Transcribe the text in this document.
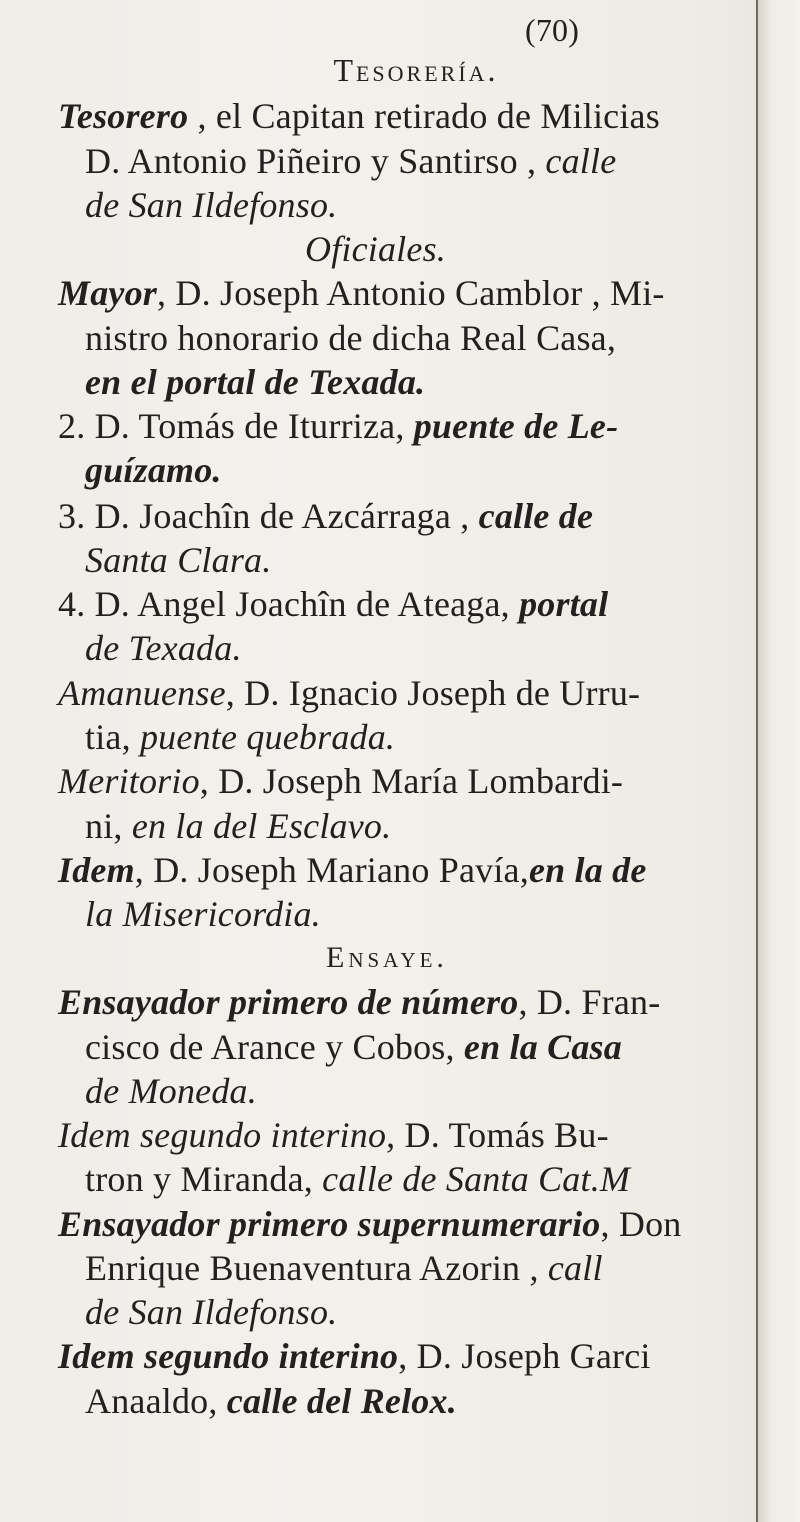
(70)
Tesorería.
Tesorero , el Capitan retirado de Milicias
D. Antonio Piñeiro y Santirso , calle
de San Ildefonso.
Oficiales.
Mayor, D. Joseph Antonio Camblor , Mi-
nistro honorario de dicha Real Casa,
en el portal de Texada.
2. D. Tomás de Iturriza, puente de Le-
guízamo.
3. D. Joachîn de Azcárraga , calle de
Santa Clara.
4. D. Angel Joachîn de Ateaga, portal
de Texada.
Amanuense, D. Ignacio Joseph de Urru-
tia, puente quebrada.
Meritorio, D. Joseph María Lombardi-
ni, en la del Esclavo.
Idem, D. Joseph Mariano Pavía,en la de
la Misericordia.
Ensaye.
Ensayador primero de número, D. Fran-
cisco de Arance y Cobos, en la Casa
de Moneda.
Idem segundo interino, D. Tomás Bu-
tron y Miranda, calle de Santa Cat.M
Ensayador primero supernumerario, Don
Enrique Buenaventura Azorin , call
de San Ildefonso.
Idem segundo interino, D. Joseph Garci
Anaaldo, calle del Relox.
